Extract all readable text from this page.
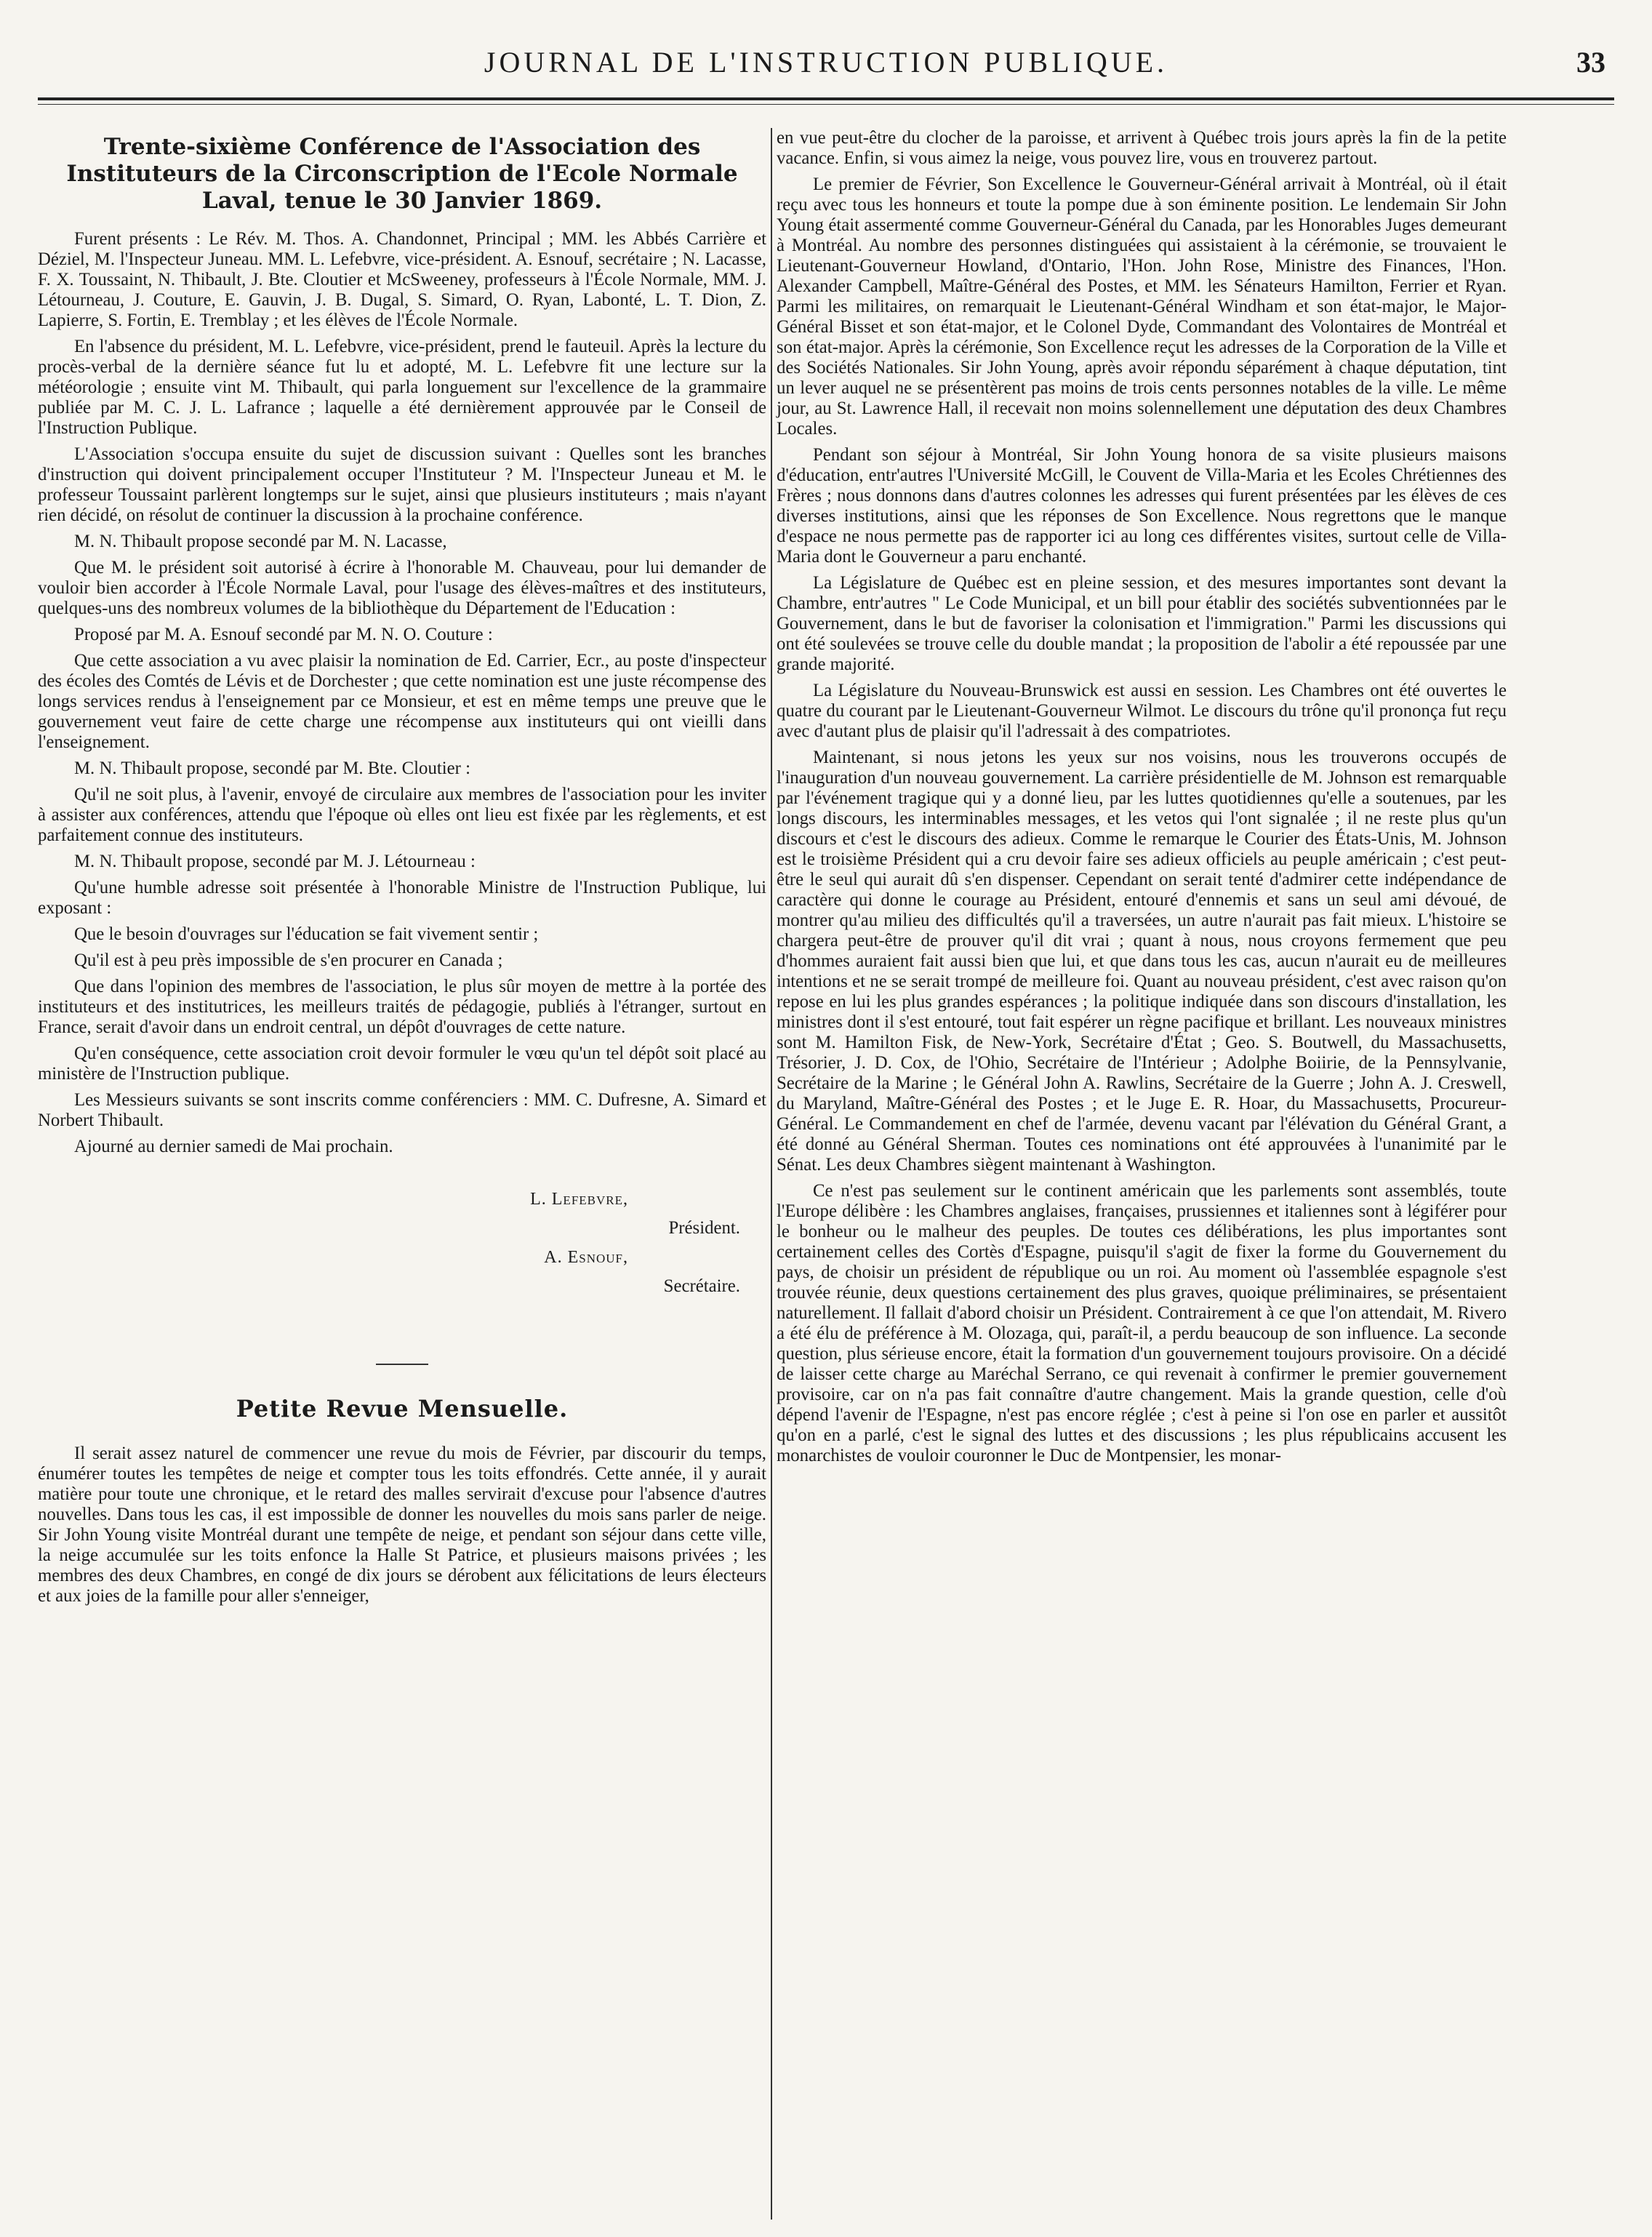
JOURNAL DE L'INSTRUCTION PUBLIQUE.	33
Trente-sixième Conférence de l'Association des Instituteurs de la Circonscription de l'Ecole Normale Laval, tenue le 30 Janvier 1869.

Furent présents : Le Rév. M. Thos. A. Chandonnet, Principal ; MM. les Abbés Carrière et Déziel, M. l'Inspecteur Juneau. MM. L. Lefebvre, vice-président. A. Esnouf, secrétaire ; N. Lacasse, F. X. Toussaint, N. Thibault, J. Bte. Cloutier et McSweeney, professeurs à l'École Normale, MM. J. Létourneau, J. Couture, E. Gauvin, J. B. Dugal, S. Simard, O. Ryan, Labonté, L. T. Dion, Z. Lapierre, S. Fortin, E. Tremblay ; et les élèves de l'École Normale.

En l'absence du président, M. L. Lefebvre, vice-président, prend le fauteuil. Après la lecture du procès-verbal de la dernière séance fut lu et adopté, M. L. Lefebvre fit une lecture sur la météorologie ; ensuite vint M. Thibault, qui parla longuement sur l'excellence de la grammaire publiée par M. C. J. L. Lafrance ; laquelle a été dernièrement approuvée par le Conseil de l'Instruction Publique.

L'Association s'occupa ensuite du sujet de discussion suivant : Quelles sont les branches d'instruction qui doivent principalement occuper l'Instituteur ? M. l'Inspecteur Juneau et M. le professeur Toussaint parlèrent longtemps sur le sujet, ainsi que plusieurs instituteurs ; mais n'ayant rien décidé, on résolut de continuer la discussion à la prochaine conférence.

M. N. Thibault propose secondé par M. N. Lacasse,

Que M. le président soit autorisé à écrire à l'honorable M. Chauveau, pour lui demander de vouloir bien accorder à l'École Normale Laval, pour l'usage des élèves-maîtres et des instituteurs, quelques-uns des nombreux volumes de la bibliothèque du Département de l'Education :

Proposé par M. A. Esnouf secondé par M. N. O. Couture :

Que cette association a vu avec plaisir la nomination de Ed. Carrier, Ecr., au poste d'inspecteur des écoles des Comtés de Lévis et de Dorchester ; que cette nomination est une juste récompense des longs services rendus à l'enseignement par ce Monsieur, et est en même temps une preuve que le gouvernement veut faire de cette charge une récompense aux instituteurs qui ont vieilli dans l'enseignement.

M. N. Thibault propose, secondé par M. Bte. Cloutier :

Qu'il ne soit plus, à l'avenir, envoyé de circulaire aux membres de l'association pour les inviter à assister aux conférences, attendu que l'époque où elles ont lieu est fixée par les règlements, et est parfaitement connue des instituteurs.

M. N. Thibault propose, secondé par M. J. Létourneau :

Qu'une humble adresse soit présentée à l'honorable Ministre de l'Instruction Publique, lui exposant :

Que le besoin d'ouvrages sur l'éducation se fait vivement sentir ;

Qu'il est à peu près impossible de s'en procurer en Canada ;

Que dans l'opinion des membres de l'association, le plus sûr moyen de mettre à la portée des instituteurs et des institutrices, les meilleurs traités de pédagogie, publiés à l'étranger, surtout en France, serait d'avoir dans un endroit central, un dépôt d'ouvrages de cette nature.

Qu'en conséquence, cette association croit devoir formuler le vœu qu'un tel dépôt soit placé au ministère de l'Instruction publique.

Les Messieurs suivants se sont inscrits comme conférenciers : MM. C. Dufresne, A. Simard et Norbert Thibault.

Ajourné au dernier samedi de Mai prochain.

L. Lefebvre,
Président.
A. Esnouf,
Secrétaire.
Petite Revue Mensuelle.

Il serait assez naturel de commencer une revue du mois de Février, par discourir du temps, énumérer toutes les tempêtes de neige et compter tous les toits effondrés. Cette année, il y aurait matière pour toute une chronique, et le retard des malles servirait d'excuse pour l'absence d'autres nouvelles. Dans tous les cas, il est impossible de donner les nouvelles du mois sans parler de neige. Sir John Young visite Montréal durant une tempête de neige, et pendant son séjour dans cette ville, la neige accumulée sur les toits enfonce la Halle St Patrice, et plusieurs maisons privées ; les membres des deux Chambres, en congé de dix jours se dérobent aux félicitations de leurs électeurs et aux joies de la famille pour aller s'enneiger,

en vue peut-être du clocher de la paroisse, et arrivent à Québec trois jours après la fin de la petite vacance. Enfin, si vous aimez la neige, vous pouvez lire, vous en trouverez partout.

Le premier de Février, Son Excellence le Gouverneur-Général arrivait à Montréal, où il était reçu avec tous les honneurs et toute la pompe due à son éminente position. Le lendemain Sir John Young était assermenté comme Gouverneur-Général du Canada, par les Honorables Juges demeurant à Montréal. Au nombre des personnes distinguées qui assistaient à la cérémonie, se trouvaient le Lieutenant-Gouverneur Howland, d'Ontario, l'Hon. John Rose, Ministre des Finances, l'Hon. Alexander Campbell, Maître-Général des Postes, et MM. les Sénateurs Hamilton, Ferrier et Ryan. Parmi les militaires, on remarquait le Lieutenant-Général Windham et son état-major, le Major-Général Bisset et son état-major, et le Colonel Dyde, Commandant des Volontaires de Montréal et son état-major. Après la cérémonie, Son Excellence reçut les adresses de la Corporation de la Ville et des Sociétés Nationales. Sir John Young, après avoir répondu séparément à chaque députation, tint un lever auquel ne se présentèrent pas moins de trois cents personnes notables de la ville. Le même jour, au St. Lawrence Hall, il recevait non moins solennellement une députation des deux Chambres Locales.

Pendant son séjour à Montréal, Sir John Young honora de sa visite plusieurs maisons d'éducation, entr'autres l'Université McGill, le Couvent de Villa-Maria et les Ecoles Chrétiennes des Frères ; nous donnons dans d'autres colonnes les adresses qui furent présentées par les élèves de ces diverses institutions, ainsi que les réponses de Son Excellence. Nous regrettons que le manque d'espace ne nous permette pas de rapporter ici au long ces différentes visites, surtout celle de Villa-Maria dont le Gouverneur a paru enchanté.

La Législature de Québec est en pleine session, et des mesures importantes sont devant la Chambre, entr'autres " Le Code Municipal, et un bill pour établir des sociétés subventionnées par le Gouvernement, dans le but de favoriser la colonisation et l'immigration." Parmi les discussions qui ont été soulevées se trouve celle du double mandat ; la proposition de l'abolir a été repoussée par une grande majorité.

La Législature du Nouveau-Brunswick est aussi en session. Les Chambres ont été ouvertes le quatre du courant par le Lieutenant-Gouverneur Wilmot. Le discours du trône qu'il prononça fut reçu avec d'autant plus de plaisir qu'il l'adressait à des compatriotes.

Maintenant, si nous jetons les yeux sur nos voisins, nous les trouverons occupés de l'inauguration d'un nouveau gouvernement. La carrière présidentielle de M. Johnson est remarquable par l'événement tragique qui y a donné lieu, par les luttes quotidiennes qu'elle a soutenues, par les longs discours, les interminables messages, et les vetos qui l'ont signalée ; il ne reste plus qu'un discours et c'est le discours des adieux. Comme le remarque le Courier des États-Unis, M. Johnson est le troisième Président qui a cru devoir faire ses adieux officiels au peuple américain ; c'est peut-être le seul qui aurait dû s'en dispenser. Cependant on serait tenté d'admirer cette indépendance de caractère qui donne le courage au Président, entouré d'ennemis et sans un seul ami dévoué, de montrer qu'au milieu des difficultés qu'il a traversées, un autre n'aurait pas fait mieux. L'histoire se chargera peut-être de prouver qu'il dit vrai ; quant à nous, nous croyons fermement que peu d'hommes auraient fait aussi bien que lui, et que dans tous les cas, aucun n'aurait eu de meilleures intentions et ne se serait trompé de meilleure foi. Quant au nouveau président, c'est avec raison qu'on repose en lui les plus grandes espérances ; la politique indiquée dans son discours d'installation, les ministres dont il s'est entouré, tout fait espérer un règne pacifique et brillant. Les nouveaux ministres sont M. Hamilton Fisk, de New-York, Secrétaire d'État ; Geo. S. Boutwell, du Massachusetts, Trésorier, J. D. Cox, de l'Ohio, Secrétaire de l'Intérieur ; Adolphe Boiirie, de la Pennsylvanie, Secrétaire de la Marine ; le Général John A. Rawlins, Secrétaire de la Guerre ; John A. J. Creswell, du Maryland, Maître-Général des Postes ; et le Juge E. R. Hoar, du Massachusetts, Procureur-Général. Le Commandement en chef de l'armée, devenu vacant par l'élévation du Général Grant, a été donné au Général Sherman. Toutes ces nominations ont été approuvées à l'unanimité par le Sénat. Les deux Chambres siègent maintenant à Washington.

Ce n'est pas seulement sur le continent américain que les parlements sont assemblés, toute l'Europe délibère : les Chambres anglaises, françaises, prussiennes et italiennes sont à légiférer pour le bonheur ou le malheur des peuples. De toutes ces délibérations, les plus importantes sont certainement celles des Cortès d'Espagne, puisqu'il s'agit de fixer la forme du Gouvernement du pays, de choisir un président de république ou un roi. Au moment où l'assemblée espagnole s'est trouvée réunie, deux questions certainement des plus graves, quoique préliminaires, se présentaient naturellement. Il fallait d'abord choisir un Président. Contrairement à ce que l'on attendait, M. Rivero a été élu de préférence à M. Olozaga, qui, paraît-il, a perdu beaucoup de son influence. La seconde question, plus sérieuse encore, était la formation d'un gouvernement toujours provisoire. On a décidé de laisser cette charge au Maréchal Serrano, ce qui revenait à confirmer le premier gouvernement provisoire, car on n'a pas fait connaître d'autre changement. Mais la grande question, celle d'où dépend l'avenir de l'Espagne, n'est pas encore réglée ; c'est à peine si l'on ose en parler et aussitôt qu'on en a parlé, c'est le signal des luttes et des discussions ; les plus républicains accusent les monarchistes de vouloir couronner le Duc de Montpensier, les monar-
